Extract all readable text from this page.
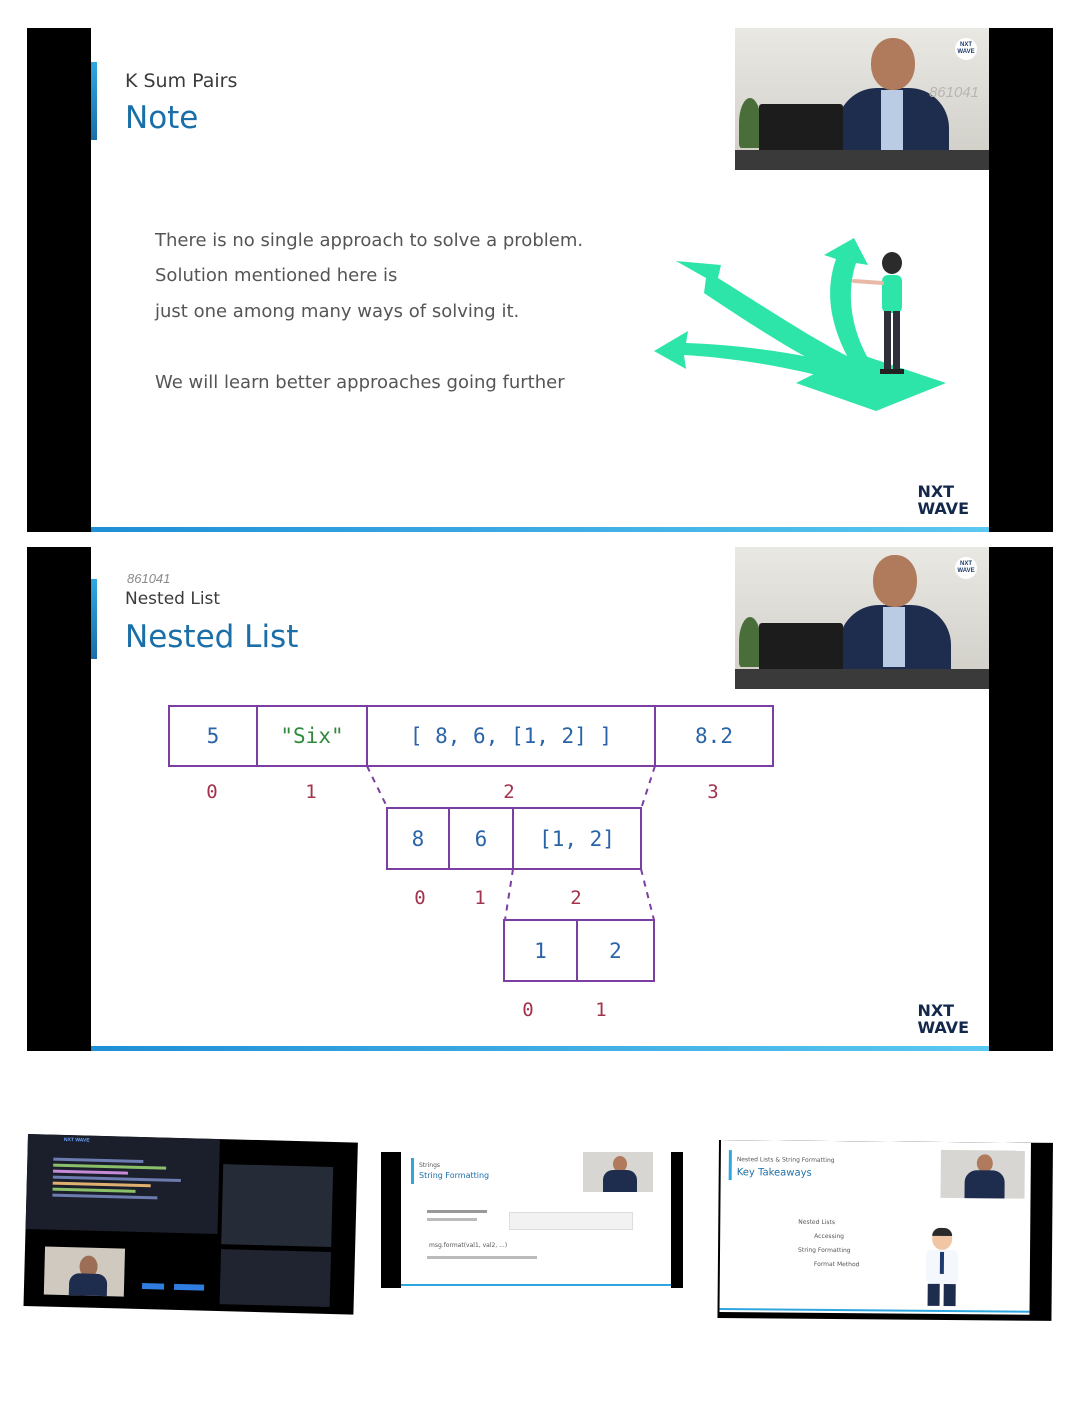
K Sum Pairs
Note
There is no single approach to solve a problem.
Solution mentioned here is
just one among many ways of solving it.
We will learn better approaches going further
NXT
WAVE
861041
NXT
WAVE
861041
Nested List
Nested List
5	"Six"	[ 8, 6, [1, 2] ]	8.2
0	1	2	3
8	6	[1, 2]
0	1	2
1	2
0	1	NXT
WAVE
NXT
WAVE
NXT WAVE
Strings
String Formatting
msg.format(val1, val2, ...)
Nested Lists & String Formatting
Key Takeaways
Nested Lists
Accessing
String Formatting
Format Method
